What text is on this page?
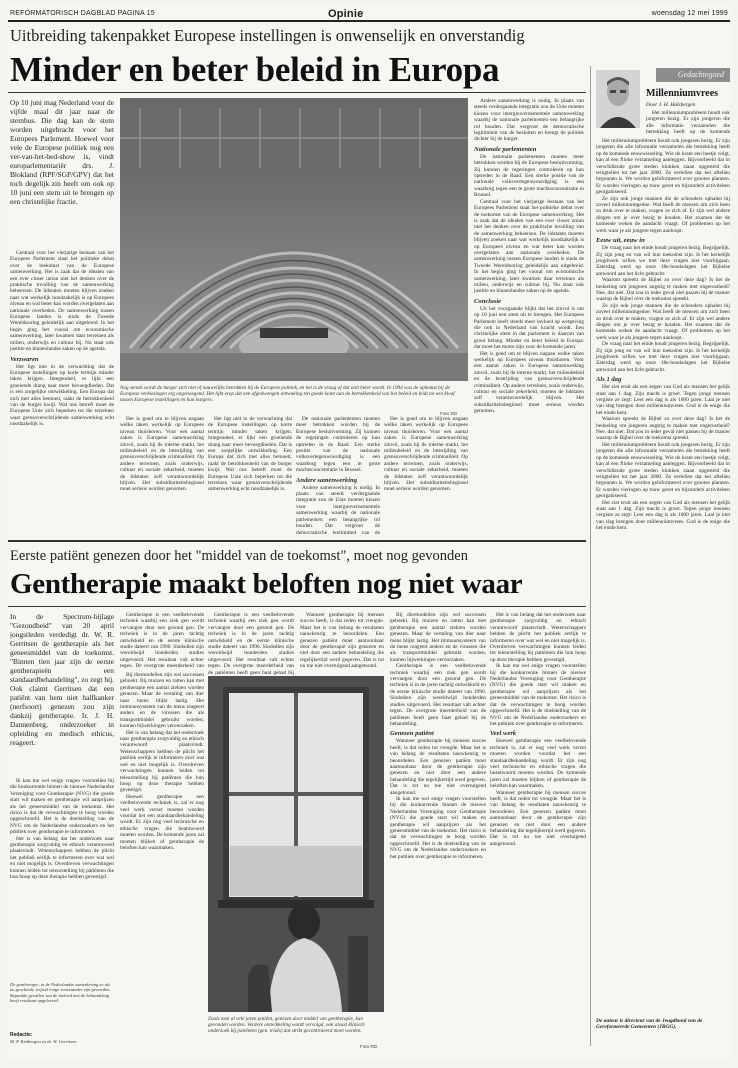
REFORMATORISCH DAGBLAD PAGINA 15	Opinie	woensdag 12 mei 1999
Uitbreiding takenpakket Europese instellingen is onwenselijk en onverstandig
Minder en beter beleid in Europa
Op 10 juni mag Nederland voor de vijfde maal dit jaar naar de stembus. Die dag kan de stem worden uitgebracht voor het Europees Parlement. Hoewel voor vele de Europese politiek nog een ver-van-het-bed-show is, vindt europarlementariër drs. J. Blokland (RPF/SGP/GPV) dat het toch degelijk zin heeft om ook op 10 juni een stem uit te brengen op een christelijke fractie.

Centraal voor het vierjarige bestaan van het Europees Parlement staat het politieke debat over de toekomst van de Europese samenwerking. Het is zaak dat de idealen van een ever closer union niet het denken over de praktische invulling van de samenwerking beheersen. De lidstaten moeten blijven zoeken naar wat werkelijk noodzakelijk is op Europees niveau en wat beter kan worden overgelaten aan nationale overheden. De samenwerking tussen Europese landen is sinds de Tweede Wereldoorlog geleidelijk aan uitgebreid. In het begin ging het vooral om economische samenwerking, later kwamen daar terreinen als milieu, onderwijs en cultuur bij. Nu staat ook justitie en binnenlandse zaken op de agenda.

Verzwaren

Het ligt niet in de verwachting dat de Europese instellingen op korte termijn minder taken krijgen. Integendeel, er lijkt een groeiende drang naar meer bevoegdheden. Dat is een zorgelijke ontwikkeling. Een Europa dat zich met alles bemoeit, raakt de betrokkenheid van de burger kwijt. Wat ons betreft moet de Europese Unie zich beperken tot die terreinen waar grensoverschrijdende samenwerking echt noodzakelijk is.

Nog steeds wordt de burger zich niet of nauwelijks betrokken bij de Europese politiek, en het is de vraag of dat ooit beter wordt. In 1994 was de opkomst bij de Europese verkiezingen erg ongenoegend. Het lijkt erop dat een afgedwongen ontwaking ten goede komt aan de betrokkenheid van het beleid en leidt tot een kloof tussen Europese instellingen en hun burgers.
Foto RD

Het is goed om te blijven nagaan welke taken werkelijk op Europees niveau thuishoren. Voor een aantal zaken is Europese samenwerking zinvol, zoals bij de interne markt, het milieubeleid en de bestrijding van grensoverschrijdende criminaliteit. Op andere terreinen, zoals onderwijs, cultuur en sociale zekerheid, moeten de lidstaten zelf verantwoordelijk blijven. Het subsidiariteitsbeginsel moet serieus worden genomen.

Het ligt niet in de verwachting dat de Europese instellingen op korte termijn minder taken krijgen. Integendeel, er lijkt een groeiende drang naar meer bevoegdheden. Dat is een zorgelijke ontwikkeling. Een Europa dat zich met alles bemoeit, raakt de betrokkenheid van de burger kwijt. Wat ons betreft moet de Europese Unie zich beperken tot die terreinen waar grensoverschrijdende samenwerking echt noodzakelijk is.

De nationale parlementen moeten meer betrokken worden bij de Europese besluitvorming. Zij kunnen de regeringen controleren op hun optreden in de Raad. Een sterke positie van de nationale volksvertegenwoordiging is een waarborg tegen een te grote machtsconcentratie in Brussel.

Andere samenwerking

Andere samenwerking is nodig. In plaats van steeds verdergaande integratie zou de Unie moeten kiezen voor intergouvernementele samenwerking waarbij de nationale parlementen een belangrijke rol houden. Dat vergroot de democratische legitimiteit van de

Het is goed om te blijven nagaan welke taken werkelijk op Europees niveau thuishoren. Voor een aantal zaken is Europese samenwerking zinvol, zoals bij de interne markt, het milieubeleid en de bestrijding van grensoverschrijdende criminaliteit. Op andere terreinen, zoals onderwijs, cultuur en sociale zekerheid, moeten de lidstaten zelf verantwoordelijk blijven. Het subsidiariteitsbeginsel moet serieus worden genomen.

Andere samenwerking is nodig. In plaats van steeds verdergaande integratie zou de Unie moeten kiezen voor intergouvernementele samenwerking waarbij de nationale parlementen een belangrijke rol houden. Dat vergroot de democratische legitimiteit van de besluiten en brengt de politiek dichter bij de burger.

Nationale parlementen

De nationale parlementen moeten meer betrokken worden bij de Europese besluitvorming. Zij kunnen de regeringen controleren op hun optreden in de Raad. Een sterke positie van de nationale volksvertegenwoordiging is een waarborg tegen een te grote machtsconcentratie in Brussel.

Centraal voor het vierjarige bestaan van het Europees Parlement staat het politieke debat over de toekomst van de Europese samenwerking. Het is zaak dat de idealen van een ever closer union niet het denken over de praktische invulling van de samenwerking beheersen. De lidstaten moeten blijven zoeken naar wat werkelijk noodzakelijk is op Europees niveau en wat beter kan worden overgelaten aan nationale overheden. De samenwerking tussen Europese landen is sinds de Tweede Wereldoorlog geleidelijk aan uitgebreid. In het begin ging het vooral om economische samenwerking, later kwamen daar terreinen als milieu, onderwijs en cultuur bij. Nu staat ook justitie en binnenlandse zaken op de agenda.

Conclusie

Uit het voorgaande blijkt dat het zinvol is om op 10 juni een stem uit te brengen. Het Europees Parlement heeft steeds meer invloed op wetgeving die ook in Nederland van kracht wordt. Een christelijke stem in dat parlement is daarom van groot belang. Minder en beter beleid in Europa: dat moet het motto zijn voor de komende jaren.

Het is goed om te blijven nagaan welke taken werkelijk op Europees niveau thuishoren. Voor een aantal zaken is Europese samenwerking zinvol, zoals bij de interne markt, het milieubeleid en de bestrijding van grensoverschrijdende criminaliteit. Op andere terreinen, zoals onderwijs, cultuur en sociale zekerheid, moeten de lidstaten zelf verantwoordelijk blijven. Het subsidiariteitsbeginsel moet serieus worden genomen.

Gedachtegoed
Millenniumvrees
Door J. H. Hülsbergen

Het millenniumprobleem houdt ook jongeren bezig. Er zijn jongeren die alle informatie verzamelen die betrekking heeft op de komende

Het millenniumprobleem houdt ook jongeren bezig. Er zijn jongeren die alle informatie verzamelen die betrekking heeft op de komende eeuwwisseling. Wie de krant een beetje volgt, kan al een flinke verzameling aanleggen. Bijvoorbeeld dat in verschillende grote steden klokken staan opgesteld die terugtellen tot het jaar 2000. Ze vertellen dat het aftellen begonnen is. We worden geïnformeerd over grootse plannen. Er worden vieringen op touw gezet en bijzondere activiteiten georganiseerd.

Ze zijn ook jonge mannen die de schouders ophalen bij zoveel millenniumgedoe. Wat beeft de mensen om zich heen zo druk over te maken, vragen ze zich af. Er zijn wel andere dingen om je over bezig te houden. Het examen dat de komende weken de aandacht vraagt. Of problemen op het werk waar je als jongere tegen aanloopt.

Eeuw uit, eeuw in

De vraag naar het einde houdt jongeren bezig. Begrijpelijk. Zij zijn jong en van wil hun toekomst zijn. Is het kerkelijk jeugdwerk willen we met deze vragen niet voorbijgaan. Zaterdag werd op onze 18e-bondsdagen het Bijbelse antwoord aan het licht gebracht.

Waarom spreekt de Bijbel zo over deze dag? Is het de bedoeling om jongeren angstig te maken met ongerustheid? Nee, dat niet. Dat zou in ieder geval niet passen bij de manier waarop de Bijbel over de toekomst spreekt.

Ze zijn ook jonge mannen die de schouders ophalen bij zoveel millenniumgedoe. Wat beeft de mensen om zich heen zo druk over te maken, vragen ze zich af. Er zijn wel andere dingen om je over bezig te houden. Het examen dat de komende weken de aandacht vraagt. Of problemen op het werk waar je als jongere tegen aanloopt.

De vraag naar het einde houdt jongeren bezig. Begrijpelijk. Zij zijn jong en van wil hun toekomst zijn. Is het kerkelijk jeugdwerk willen we met deze vragen niet voorbijgaan. Zaterdag werd op onze 18e-bondsdagen het Bijbelse antwoord aan het licht gebracht.

Als 1 dag

Het ziet eruit als een zegen van God als mensen het gelijk staat aan 1 dag. Zijn macht is groot. Tegen jonge mensen vergiste ze zegt: Leer een dag is als 1000 jaren. Laat je niet van slag brengen door millenniumvrees. God is de enige die het einde kent.

Waarom spreekt de Bijbel zo over deze dag? Is het de bedoeling om jongeren angstig te maken met ongerustheid? Nee, dat niet. Dat zou in ieder geval niet passen bij de manier waarop de Bijbel over de toekomst spreekt.

Het millenniumprobleem houdt ook jongeren bezig. Er zijn jongeren die alle informatie verzamelen die betrekking heeft op de komende eeuwwisseling. Wie de krant een beetje volgt, kan al een flinke verzameling aanleggen. Bijvoorbeeld dat in verschillende grote steden klokken staan opgesteld die terugtellen tot het jaar 2000. Ze vertellen dat het aftellen begonnen is. We worden geïnformeerd over grootse plannen. Er worden vieringen op touw gezet en bijzondere activiteiten georganiseerd.

Het ziet eruit als een zegen van God als mensen het gelijk staat aan 1 dag. Zijn macht is groot. Tegen jonge mensen vergiste ze zegt: Leer een dag is als 1000 jaren. Laat je niet van slag brengen door millenniumvrees. God is de enige die het einde kent.

De auteur is directeur van de Jeugdbond van de Gereformeerde Gemeenten (JBGG).
Eerste patiënt genezen door het "middel van de toekomst", moet nog gevonden
Gentherapie maakt beloften nog niet waar
In de Spectrum-bijlage "Gezondheid" van 20 april jongstleden verdedigt dr. W. R. Gerritsen de gentherapie als het geneesmiddel van de toekomst. "Binnen tien jaar zijn de eerste gentherapieën een standaardbehandeling", zo zegt hij. Ook claimt Gerritsen dat een patiënt van hem niet halfkanker (nerfsoort) genezen zou zijn dankzij gentherapie. Ir. J. H. Dannenberg, onderzoeker in opleiding en medisch ethicus, reageert.

Ik kan me wel enige vragen voorstellen bij die konkurrentie binnen de nieuwe Nederlandse Vereniging voor Gentherapie (NVG) die goede start wil maken en gentherapie wil aanprijzen als het geneesmiddel van de toekomst. Het risico is dat de verwachtingen te hoog worden opgeschroefd. Het is de doelstelling van de NVG om de Nederlandse onderzoekers en het publiek over gentherapie te informeren.

Het is van belang dat het onderzoek naar gentherapie zorgvuldig en ethisch verantwoord plaatsvindt. Wetenschappers hebben de plicht het publiek eerlijk te informeren over wat wel en niet mogelijk is. Overdreven verwachtingen kunnen leiden tot teleurstelling bij patiënten die hun hoop op deze therapie hebben gevestigd.

De gentherapie, in de Nederlandse samenleving zo als nu geschiedt, vrijwel enige voorstander zijn geworden. Bepaalde gevallen van de invloed met de behandeling heeft resultaat opgeleverd.
Redactie:
M. P. Rietbergen en dr. W. Gerritsen

Gentherapie is een veelbelovende techniek waarbij een ziek gen wordt vervangen door een gezond gen. De techniek is in de jaren tachtig ontwikkeld en de eerste klinische studie dateert van 1990. Sindsdien zijn wereldwijd honderden studies uitgevoerd. Het resultaat valt echter tegen. De overgrote meerderheid van

Gentherapie is een veelbelovende techniek waarbij een ziek gen wordt vervangen door een gezond gen. De techniek is in de jaren tachtig ontwikkeld en de eerste klinische studie dateert van 1990. Sindsdien zijn wereldwijd honderden studies uitgevoerd. Het resultaat valt echter tegen. De overgrote meerderheid van de patiënten heeft geen baat gehad bij

Zoals men al vele jaren patiënt, genezen door middel van gentherapie, kan gevonden worden. Verdere ontwikkeling wordt vervolgd, ook alvast klinisch onderzoek bij patiënten (gen. trials) dat strikt gecontroleerd moet worden.
Foto RD

Bij diermodellen zijn wel successen geboekt. Bij muizen en ratten kan met gentherapie een aantal ziekten worden genezen. Maar de vertaling van dier naar mens blijkt lastig. Het immuunsysteem van de mens reageert anders en de virussen die als transportmiddel gebruikt worden, kunnen bijwerkingen veroorzaken.

Het is van belang dat het onderzoek naar gentherapie zorgvuldig en ethisch verantwoord plaatsvindt. Wetenschappers hebben de plicht het publiek eerlijk te informeren over wat wel en niet mogelijk is. Overdreven verwachtingen kunnen leiden tot teleurstelling bij patiënten die hun hoop op deze therapie hebben gevestigd.

Hoewel gentherapie een veelbelovende techniek is, zal er nog veel werk verzet moeten worden voordat het een standaardbehandeling wordt. Er zijn nog veel technische en ethische vragen die beantwoord moeten worden. De komende jaren zal moeten blijken of gentherapie de beloften kan waarmaken.

Wanneer gentherapie bij mensen succes heeft, is dat reden tot vreugde. Maar het is van belang de resultaten nauwkeurig te beoordelen. Een genezen patiënt moet aantoonbaar door de gentherapie zijn genezen en niet door een andere behandeling die tegelijkertijd werd gegeven. Dat is tot nu toe niet overtuigend aangetoond.

Bij diermodellen zijn wel successen geboekt. Bij muizen en ratten kan met gentherapie een aantal ziekten worden genezen. Maar de vertaling van dier naar mens blijkt lastig. Het immuunsysteem van de mens reageert anders en de virussen die als transportmiddel gebruikt worden, kunnen bijwerkingen veroorzaken.

Gentherapie is een veelbelovende techniek waarbij een ziek gen wordt vervangen door een gezond gen. De techniek is in de jaren tachtig ontwikkeld en de eerste klinische studie dateert van 1990. Sindsdien zijn wereldwijd honderden studies uitgevoerd. Het resultaat valt echter tegen. De overgrote meerderheid van de patiënten heeft geen baat gehad bij de behandeling.

Genezen patiënt

Wanneer gentherapie bij mensen succes heeft, is dat reden tot vreugde. Maar het is van belang de resultaten nauwkeurig te beoordelen. Een genezen patiënt moet aantoonbaar door de gentherapie zijn genezen en niet door een andere behandeling die tegelijkertijd werd gegeven. Dat is tot nu toe niet overtuigend aangetoond.

Ik kan me wel enige vragen voorstellen bij die konkurrentie binnen de nieuwe Nederlandse Vereniging voor Gentherapie (NVG) die goede start wil maken en gentherapie wil aanprijzen als het geneesmiddel van de toekomst. Het risico is dat de verwachtingen te hoog worden opgeschroefd. Het is de doelstelling van de NVG om de Nederlandse onderzoekers en het publiek over gentherapie te informeren.

Het is van belang dat het onderzoek naar gentherapie zorgvuldig en ethisch verantwoord plaatsvindt. Wetenschappers hebben de plicht het publiek eerlijk te informeren over wat wel en niet mogelijk is. Overdreven verwachtingen kunnen leiden tot teleurstelling bij patiënten die hun hoop op deze therapie hebben gevestigd.

Ik kan me wel enige vragen voorstellen bij die konkurrentie binnen de nieuwe Nederlandse Vereniging voor Gentherapie (NVG) die goede start wil maken en gentherapie wil aanprijzen als het geneesmiddel van de toekomst. Het risico is dat de verwachtingen te hoog worden opgeschroefd. Het is de doelstelling van de NVG om de Nederlandse onderzoekers en het publiek over gentherapie te informeren.

Veel werk

Hoewel gentherapie een veelbelovende techniek is, zal er nog veel werk verzet moeten worden voordat het een standaardbehandeling wordt. Er zijn nog veel technische en ethische vragen die beantwoord moeten worden. De komende jaren zal moeten blijken of gentherapie de beloften kan waarmaken.

Wanneer gentherapie bij mensen succes heeft, is dat reden tot vreugde. Maar het is van belang de resultaten nauwkeurig te beoordelen. Een genezen patiënt moet aantoonbaar door de gentherapie zijn genezen en niet door een andere behandeling die tegelijkertijd werd gegeven. Dat is tot nu toe niet overtuigend aangetoond.
